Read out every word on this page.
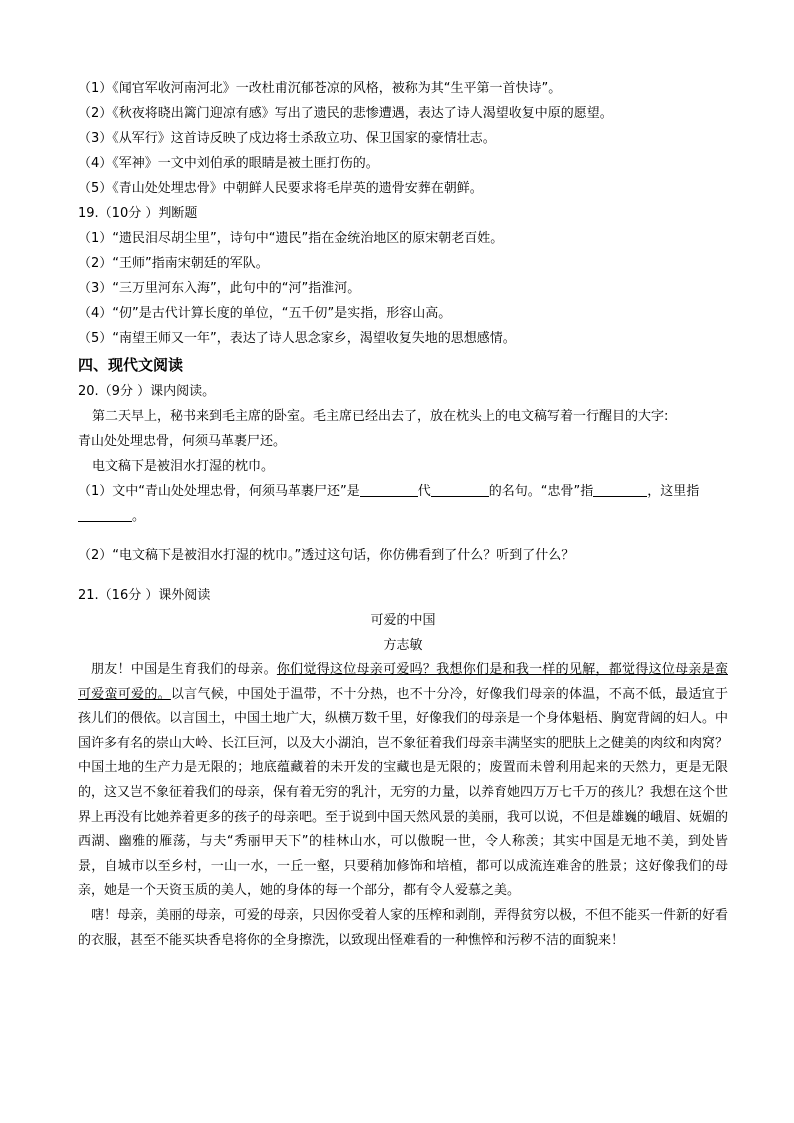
（1）《闻官军收河南河北》一改杜甫沉郁苍凉的风格，被称为其“生平第一首快诗”。
（2）《秋夜将晓出篱门迎凉有感》写出了遗民的悲惨遭遇，表达了诗人渴望收复中原的愿望。
（3）《从军行》这首诗反映了戍边将士杀敌立功、保卫国家的豪情壮志。
（4）《军神》一文中刘伯承的眼睛是被土匪打伤的。
（5）《青山处处埋忠骨》中朝鲜人民要求将毛岸英的遗骨安葬在朝鲜。
19.（10分 ）判断题
（1）“遗民泪尽胡尘里”，诗句中“遗民”指在金统治地区的原宋朝老百姓。
（2）“王师”指南宋朝廷的军队。
（3）“三万里河东入海”，此句中的“河”指淮河。
（4）“仞”是古代计算长度的单位，“五千仞”是实指，形容山高。
（5）“南望王师又一年”，表达了诗人思念家乡，渴望收复失地的思想感情。
四、现代文阅读
20.（9分 ）课内阅读。
第二天早上，秘书来到毛主席的卧室。毛主席已经出去了，放在枕头上的电文稿写着一行醒目的大字:
青山处处埋忠骨，何须马革裹尸还。
电文稿下是被泪水打湿的枕巾。
（1）文中“青山处处埋忠骨，何须马革裹尸还”是	代	的名句。“忠骨”指	，这里指
。
（2）“电文稿下是被泪水打湿的枕巾。”透过这句话，你仿佛看到了什么？听到了什么？
21.（16分 ）课外阅读
可爱的中国
方志敏

朋友！中国是生育我们的母亲。你们觉得这位母亲可爱吗？我想你们是和我一样的见解，都觉得这位母亲是蛮可爱蛮可爱的。以言气候，中国处于温带，不十分热，也不十分冷，好像我们母亲的体温，不高不低，最适宜于孩儿们的偎依。以言国土，中国土地广大，纵横万数千里，好像我们的母亲是一个身体魁梧、胸宽背阔的妇人。中国许多有名的崇山大岭、长江巨河，以及大小湖泊，岂不象征着我们母亲丰满坚实的肥肤上之健美的肉纹和肉窝？中国土地的生产力是无限的；地底蕴藏着的未开发的宝藏也是无限的；废置而未曾利用起来的天然力，更是无限的，这又岂不象征着我们的母亲，保有着无穷的乳汁，无穷的力量，以养育她四万万七千万的孩儿？我想在这个世界上再没有比她养着更多的孩子的母亲吧。至于说到中国天然风景的美丽，我可以说，不但是雄巍的峨眉、妩媚的西湖、幽雅的雁荡，与夫“秀丽甲天下”的桂林山水，可以傲睨一世，令人称羡；其实中国是无地不美，到处皆景，自城市以至乡村，一山一水，一丘一壑，只要稍加修饰和培植，都可以成流连难舍的胜景；这好像我们的母亲，她是一个天资玉质的美人，她的身体的每一个部分，都有令人爱慕之美。

嗐！母亲，美丽的母亲，可爱的母亲，只因你受着人家的压榨和剥削，弄得贫穷以极，不但不能买一件新的好看的衣服，甚至不能买块香皂将你的全身擦洗，以致现出怪难看的一种憔悴和污秽不洁的面貌来！
